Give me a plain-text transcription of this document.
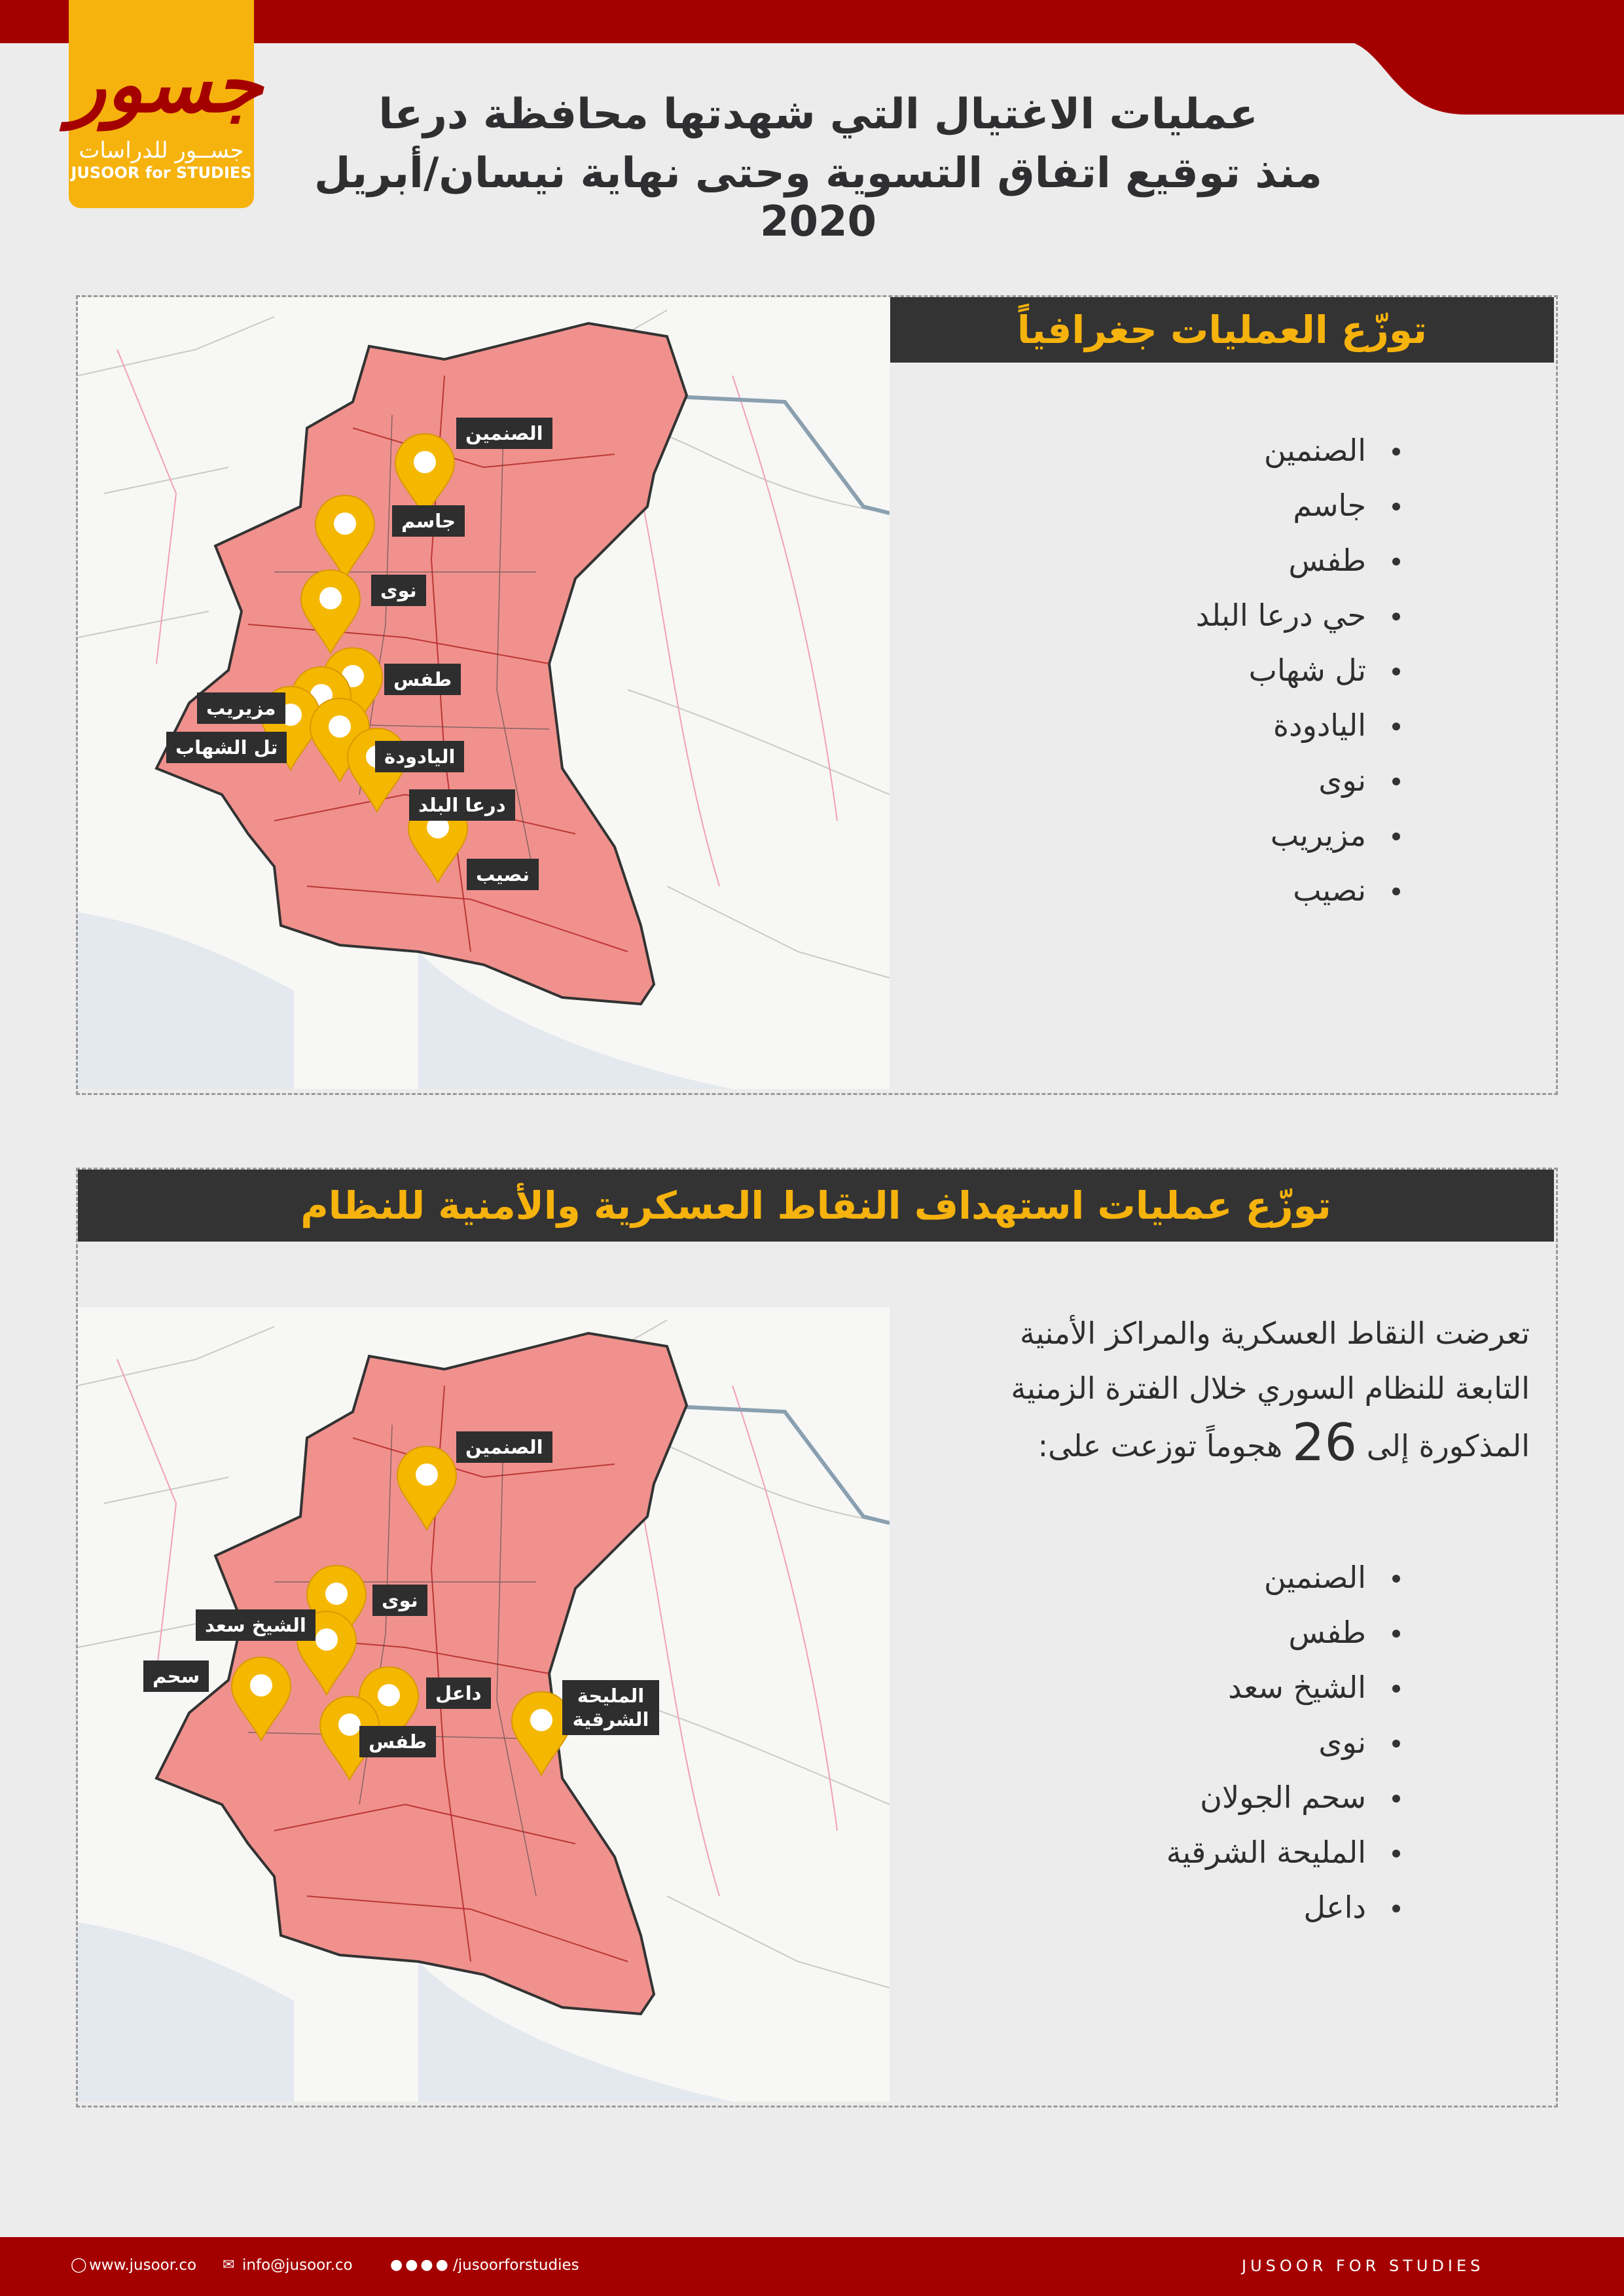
جسور
جســور للدراسات
JUSOOR for STUDIES
عمليات الاغتيال التي شهدتها محافظة درعا
منذ توقيع اتفاق التسوية وحتى نهاية نيسان/أبريل 2020
توزّع العمليات جغرافياً
الصنمين
جاسم
طفس
حي درعا البلد
تل شهاب
اليادودة
نوى
مزيريب
نصيب
الصنمين
جاسم
نوى
طفس
مزيريب
تل الشهاب	اليادودة
درعا البلد
نصيب
توزّع عمليات استهداف النقاط العسكرية والأمنية للنظام
تعرضت النقاط العسكرية والمراكز الأمنية
التابعة للنظام السوري خلال الفترة الزمنية
المذكورة إلى 26 هجوماً توزعت على:
الصنمين
طفس
الشيخ سعد
نوى
سحم الجولان
المليحة الشرقية
داعل
الصنمين
نوى
الشيخ سعد
سحم
داعل
طفس
المليحة الشرقية
◯ www.jusoor.co ✉ info@jusoor.co	●●●● /jusoorforstudies	JUSOOR FOR STUDIES
